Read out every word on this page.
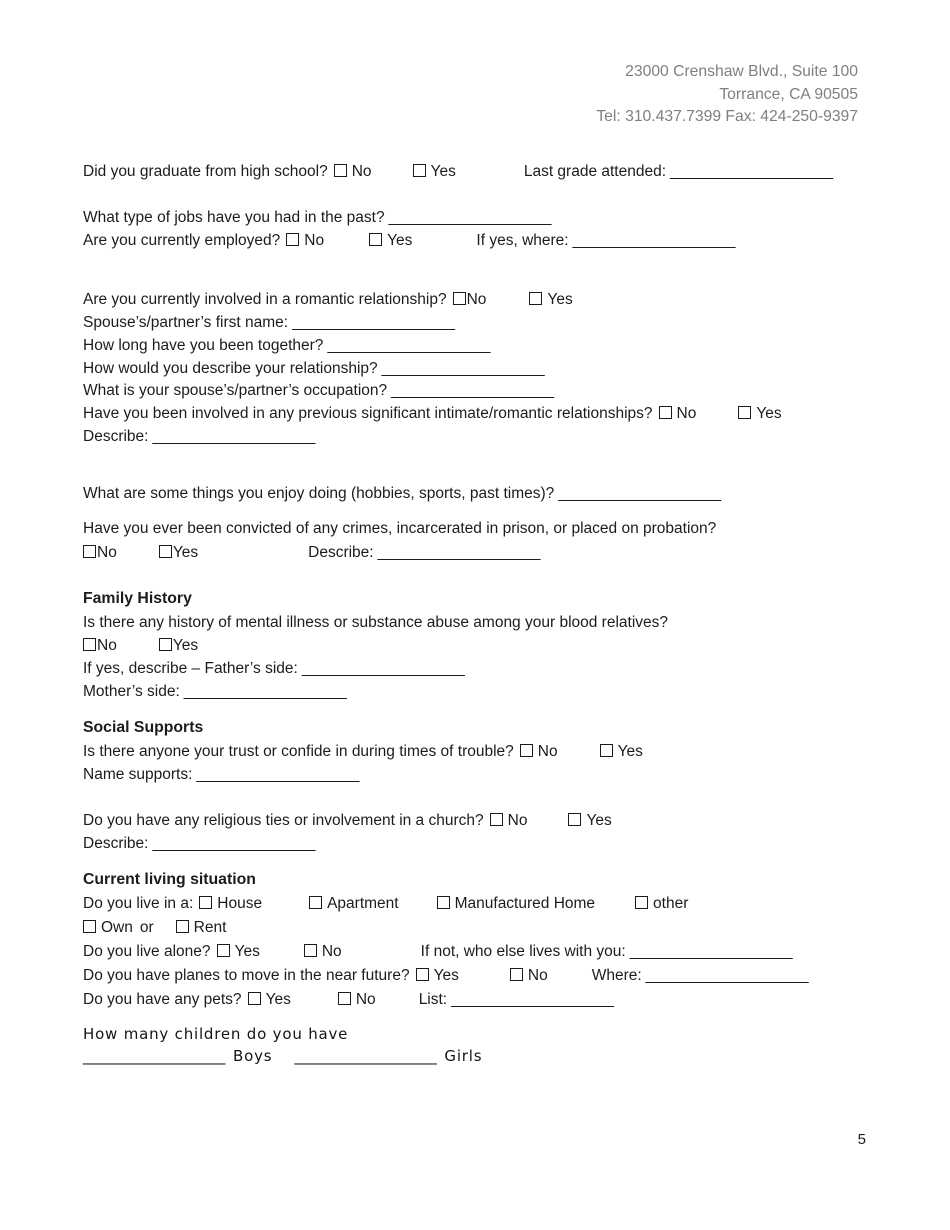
23000 Crenshaw Blvd., Suite 100
Torrance, CA 90505
Tel: 310.437.7399 Fax: 424-250-9397
Did you graduate from high school? No	Yes	Last grade attended: ____________________
What type of jobs have you had in the past? ____________________
Are you currently employed? No	Yes	If yes, where: ____________________
Are you currently involved in a romantic relationship? No	Yes
Spouse’s/partner’s first name: ____________________
How long have you been together? ____________________
How would you describe your relationship? ____________________
What is your spouse’s/partner’s occupation? ____________________
Have you been involved in any previous significant intimate/romantic relationships? No	Yes
Describe: ____________________
What are some things you enjoy doing (hobbies, sports, past times)? ____________________
Have you ever been convicted of any crimes, incarcerated in prison, or placed on probation?
No	Yes	Describe: ____________________
Family History
Is there any history of mental illness or substance abuse among your blood relatives?
No	Yes
If yes, describe – Father’s side: ____________________
Mother’s side: ____________________
Social Supports
Is there anyone your trust or confide in during times of trouble? No	Yes
Name supports: ____________________
Do you have any religious ties or involvement in a church? No	Yes
Describe: ____________________
Current living situation
Do you live in a: House	Apartment	Manufactured Home	other
Own or	Rent
Do you live alone? Yes	No	If not, who else lives with you: ____________________
Do you have planes to move in the near future? Yes	No	Where: ____________________
Do you have any pets? Yes	No	List: ____________________
How many children do you have
____________________ Boys ____________________ Girls
5
